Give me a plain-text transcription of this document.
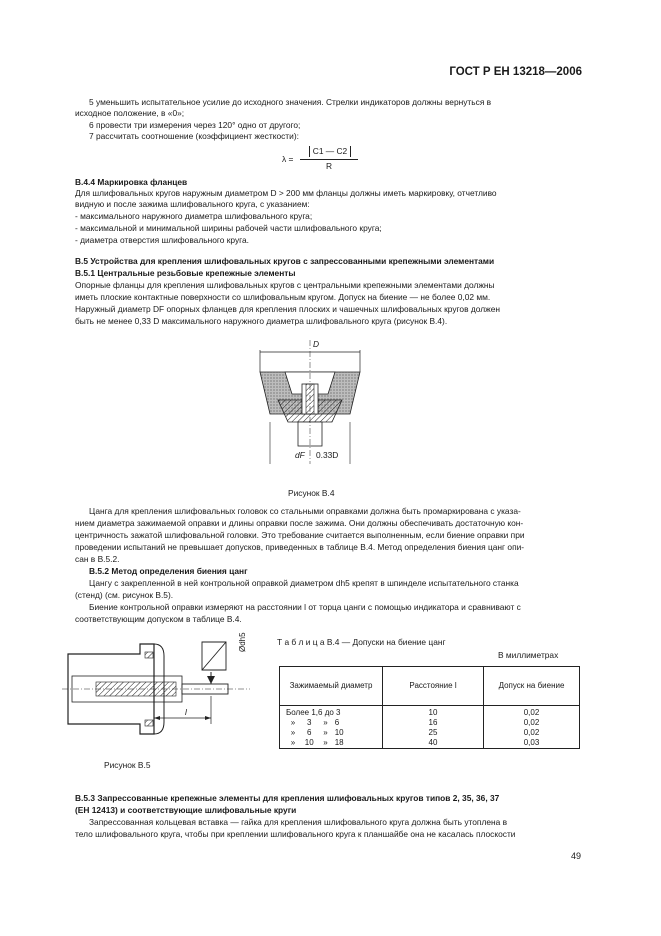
ГОСТ Р ЕН 13218—2006

5 уменьшить испытательное усилие до исходного значения. Стрелки индикаторов должны вернуться в

исходное положение, в «0»;

6 провести три измерения через 120° одно от другого;

7 рассчитать соотношение (коэффициент жесткости):

λ =
C1 — C2
R

В.4.4 Маркировка фланцев

Для шлифовальных кругов наружным диаметром D > 200 мм фланцы должны иметь маркировку, отчетливо

видную и после зажима шлифовального круга, с указанием:

- максимального наружного диаметра шлифовального круга;

- максимальной и минимальной ширины рабочей части шлифовального круга;

- диаметра отверстия шлифовального круга.

В.5 Устройства для крепления шлифовальных кругов с запрессованными крепежными элементами

В.5.1 Центральные резьбовые крепежные элементы

Опорные фланцы для крепления шлифовальных кругов с центральными крепежными элементами должны

иметь плоские контактные поверхности со шлифовальным кругом. Допуск на биение — не более 0,02 мм.

Наружный диаметр DF опорных фланцев для крепления плоских и чашечных шлифовальных кругов должен

быть не менее 0,33 D максимального наружного диаметра шлифовального круга (рисунок В.4).

D
dF 0.33D

Рисунок В.4

Цанга для крепления шлифовальных головок со стальными оправками должна быть промаркирована с указа-

нием диаметра зажимаемой оправки и длины оправки после зажима. Они должны обеспечивать достаточную кон-

центричность зажатой шлифовальной головки. Это требование считается выполненным, если биение оправки при

проведении испытаний не превышает допусков, приведенных в таблице В.4. Метод определения биения цанг опи-

сан в В.5.2.

В.5.2 Метод определения биения цанг

Цангу с закрепленной в ней контрольной оправкой диаметром dh5 крепят в шпинделе испытательного станка

(стенд) (см. рисунок В.5).

Биение контрольной оправки измеряют на расстоянии l от торца цанги с помощью индикатора и сравнивают с

соответствующим допуском в таблице В.4.

Ødh5
l

Рисунок В.5

Т а б л и ц а В.4 — Допуски на биение цанг

В миллиметрах

Зажимаемый диаметр	Расстояние l	Допуск на биение
Более 1,6 до 3	10	0,02
» 3 » 6	16	0,02
» 6 » 10	25	0,02
» 10 » 18	40	0,03

В.5.3 Запрессованные крепежные элементы для крепления шлифовальных кругов типов 2, 35, 36, 37

(ЕН 12413) и соответствующие шлифовальные круги

Запрессованная кольцевая вставка — гайка для крепления шлифовального круга должна быть утоплена в

тело шлифовального круга, чтобы при креплении шлифовального круга к планшайбе она не касалась плоскости

49
